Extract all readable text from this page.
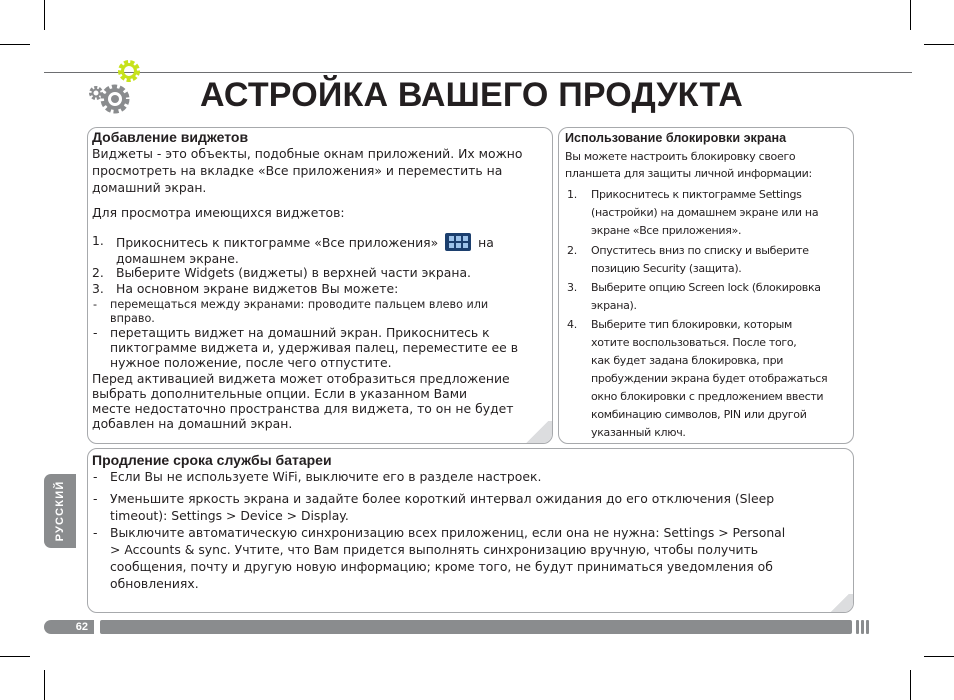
АСТРОЙКА ВАШЕГО ПРОДУКТА
Добавление виджетов
Виджеты - это объекты, подобные окнам приложений. Их можно
просмотреть на вкладке «Все приложения» и переместить на
домашний экран.
Для просмотра имеющихся виджетов:
1. Прикоснитесь к пиктограмме «Все приложения»	на
домашнем экране.
2. Выберите Widgets (виджеты) в верхней части экрана.
3. На основном экране виджетов Вы можете:
- перемещаться между экранами: проводите пальцем влево или
вправо.
- перетащить виджет на домашний экран. Прикоснитесь к
пиктограмме виджета и, удерживая палец, переместите ее в
нужное положение, после чего отпустите.
Перед активацией виджета может отобразиться предложение
выбрать дополнительные опции. Если в указанном Вами
месте недостаточно пространства для виджета, то он не будет
добавлен на домашний экран.
Использование блокировки экрана
Вы можете настроить блокировку своего
планшета для защиты личной информации:
1. Прикоснитесь к пиктограмме Settings
(настройки) на домашнем экране или на
экране «Все приложения».
2. Опуститесь вниз по списку и выберите
позицию Security (защита).
3. Выберите опцию Screen lock (блокировка
экрана).
4. Выберите тип блокировки, которым
хотите воспользоваться. После того,
как будет задана блокировка, при
пробуждении экрана будет отображаться
окно блокировки с предложением ввести
комбинацию символов, PIN или другой
указанный ключ.
Продление срока службы батареи
- Если Вы не используете WiFi, выключите его в разделе настроек.
- Уменьшите яркость экрана и задайте более короткий интервал ожидания до его отключения (Sleep
timeout): Settings > Device > Display.
- Выключите автоматическую синхронизацию всех приложениц, если она не нужна: Settings > Personal
> Accounts & sync. Учтите, что Вам придется выполнять синхронизацию вручную, чтобы получить
сообщения, почту и другую новую информацию; кроме того, не будут приниматься уведомления об
обновлениях.
РУССКИЙ
62
